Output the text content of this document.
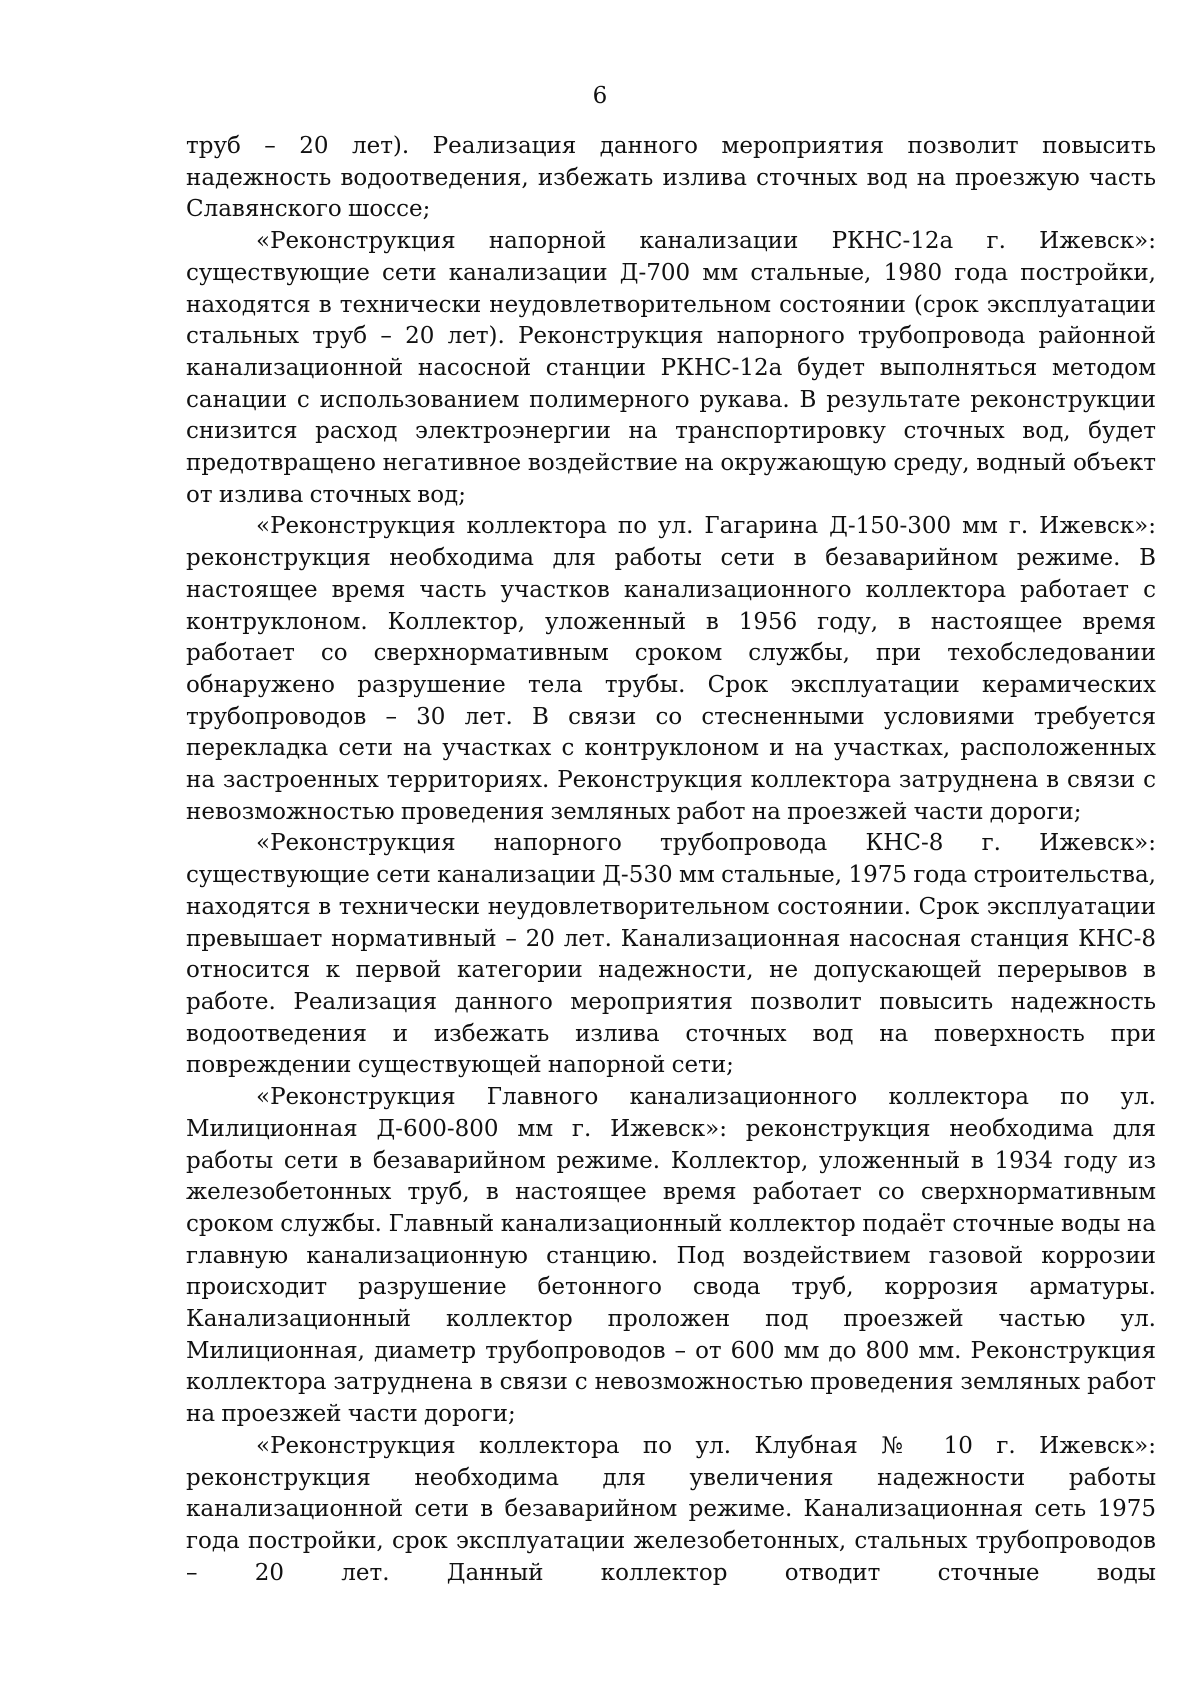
6

труб – 20 лет). Реализация данного мероприятия позволит повысить надежность водоотведения, избежать излива сточных вод на проезжую часть Славянского шоссе;

«Реконструкция напорной канализации РКНС-12а г. Ижевск»: существующие сети канализации Д-700 мм стальные, 1980 года постройки, находятся в технически неудовлетворительном состоянии (срок эксплуатации стальных труб – 20 лет). Реконструкция напорного трубопровода районной канализационной насосной станции РКНС-12а будет выполняться методом санации с использованием полимерного рукава. В результате реконструкции снизится расход электроэнергии на транспортировку сточных вод, будет предотвращено негативное воздействие на окружающую среду, водный объект от излива сточных вод;

«Реконструкция коллектора по ул. Гагарина Д-150-300 мм г. Ижевск»: реконструкция необходима для работы сети в безаварийном режиме. В настоящее время часть участков канализационного коллектора работает с контруклоном. Коллектор, уложенный в 1956 году, в настоящее время работает со сверхнормативным сроком службы, при техобследовании обнаружено разрушение тела трубы. Срок эксплуатации керамических трубопроводов – 30 лет. В связи со стесненными условиями требуется перекладка сети на участках с контруклоном и на участках, расположенных на застроенных территориях. Реконструкция коллектора затруднена в связи с невозможностью проведения земляных работ на проезжей части дороги;

«Реконструкция напорного трубопровода КНС-8 г. Ижевск»: существующие сети канализации Д-530 мм стальные, 1975 года строительства, находятся в технически неудовлетворительном состоянии. Срок эксплуатации превышает нормативный – 20 лет. Канализационная насосная станция КНС-8 относится к первой категории надежности, не допускающей перерывов в работе. Реализация данного мероприятия позволит повысить надежность водоотведения и избежать излива сточных вод на поверхность при повреждении существующей напорной сети;

«Реконструкция Главного канализационного коллектора по ул. Милиционная Д-600-800 мм г. Ижевск»: реконструкция необходима для работы сети в безаварийном режиме. Коллектор, уложенный в 1934 году из железобетонных труб, в настоящее время работает со сверхнормативным сроком службы. Главный канализационный коллектор подаёт сточные воды на главную канализационную станцию. Под воздействием газовой коррозии происходит разрушение бетонного свода труб, коррозия арматуры. Канализационный коллектор проложен под проезжей частью ул. Милиционная, диаметр трубопроводов – от 600 мм до 800 мм. Реконструкция коллектора затруднена в связи с невозможностью проведения земляных работ на проезжей части дороги;

«Реконструкция коллектора по ул. Клубная № 10 г. Ижевск»: реконструкция необходима для увеличения надежности работы канализационной сети в безаварийном режиме. Канализационная сеть 1975 года постройки, срок эксплуатации железобетонных, стальных трубопроводов – 20 лет. Данный коллектор отводит сточные воды
